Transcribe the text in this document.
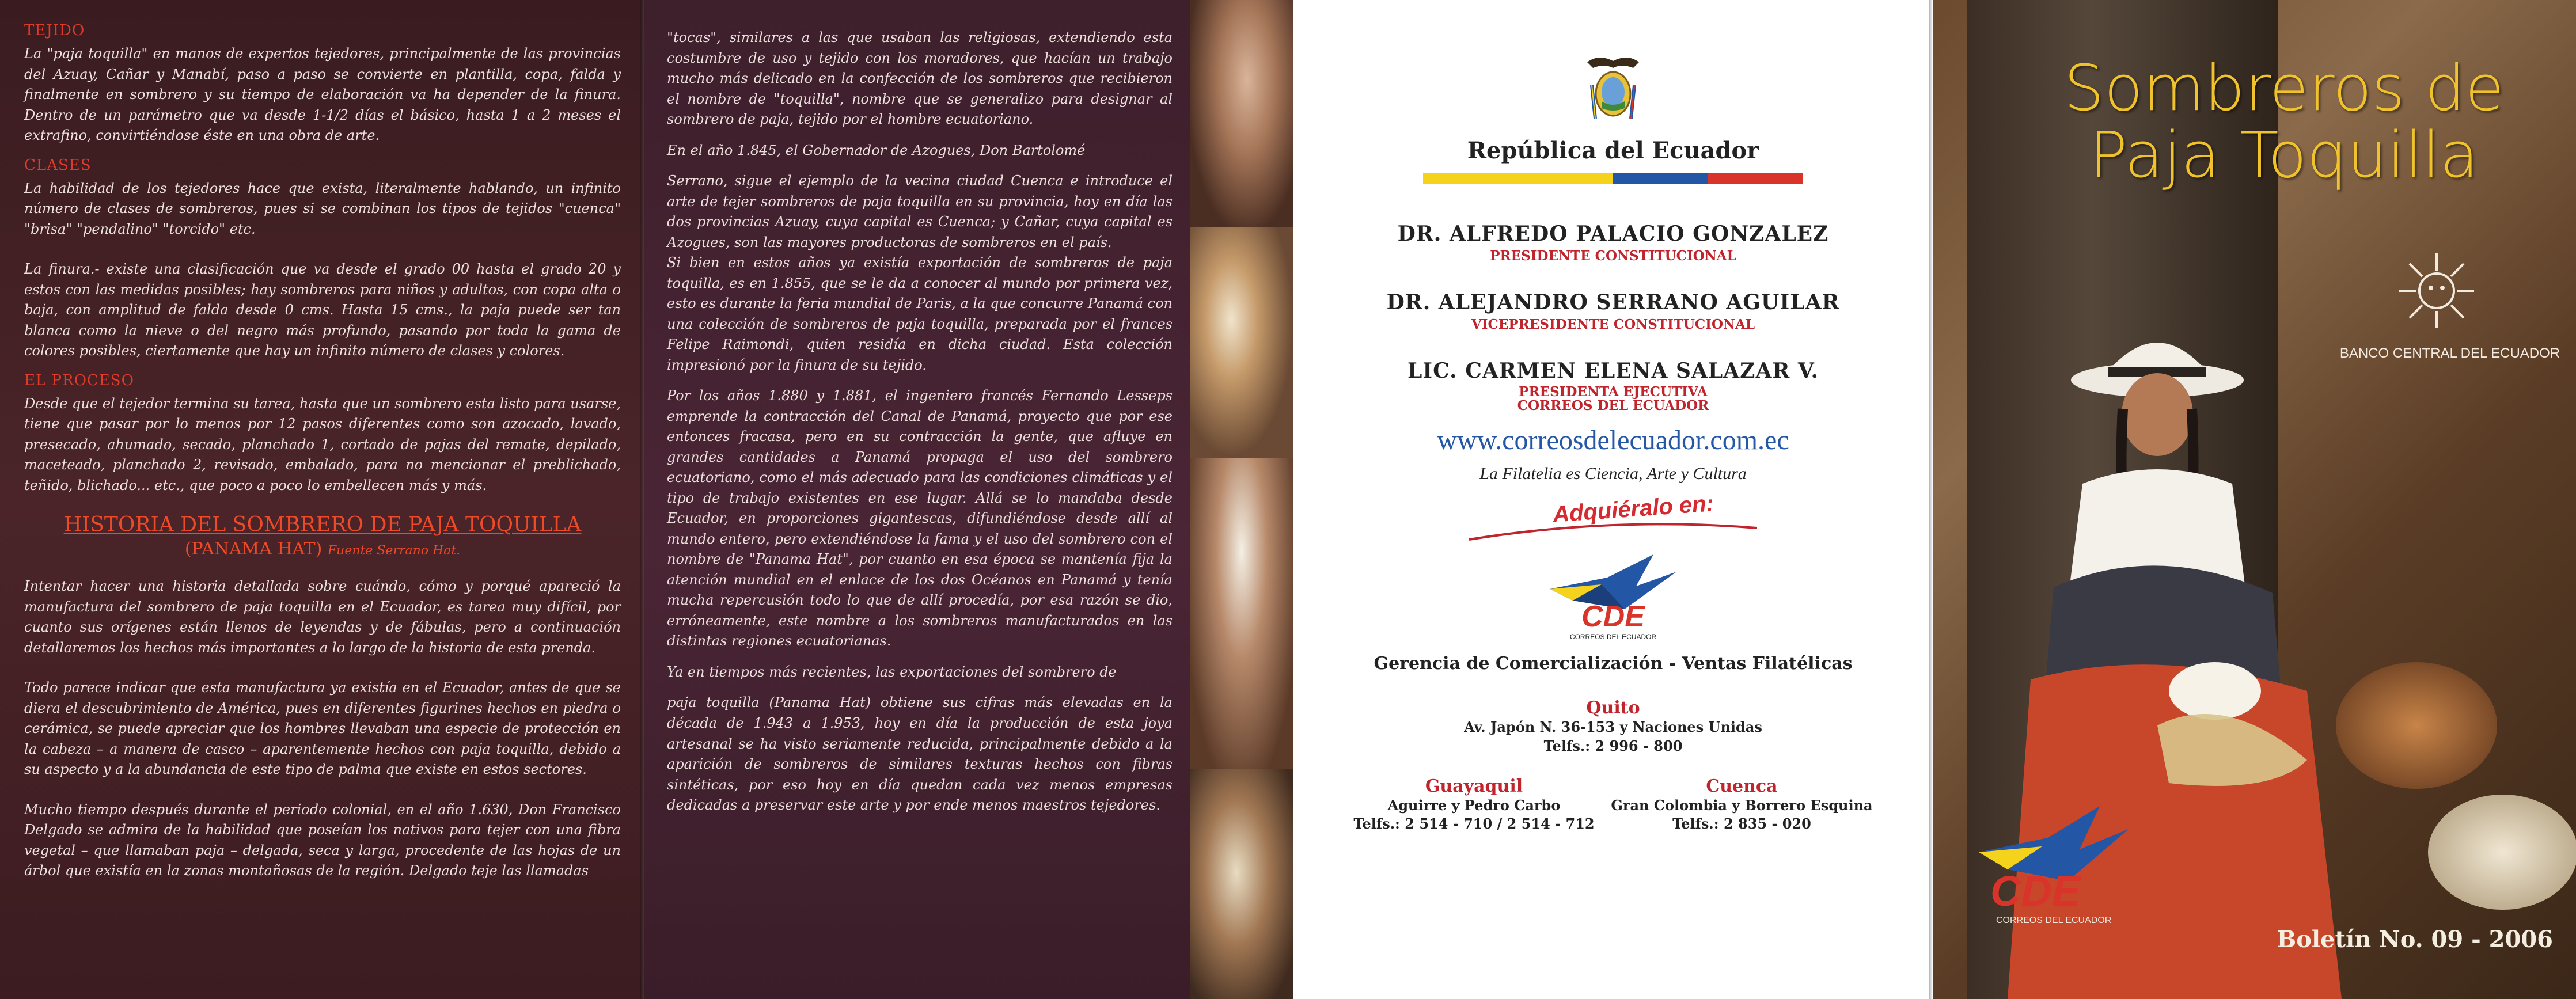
TEJIDO

La "paja toquilla" en manos de expertos tejedores, principalmente de las provincias del Azuay, Cañar y Manabí, paso a paso se convierte en plantilla, copa, falda y finalmente en sombrero y su tiempo de elaboración va ha depender de la finura. Dentro de un parámetro que va desde 1-1/2 días el básico, hasta 1 a 2 meses el extrafino, convirtiéndose éste en una obra de arte.

CLASES

La habilidad de los tejedores hace que exista, literalmente hablando, un infinito número de clases de sombreros, pues si se combinan los tipos de tejidos "cuenca" "brisa" "pendalino" "torcido" etc.

La finura.- existe una clasificación que va desde el grado 00 hasta el grado 20 y estos con las medidas posibles; hay sombreros para niños y adultos, con copa alta o baja, con amplitud de falda desde 0 cms. Hasta 15 cms., la paja puede ser tan blanca como la nieve o del negro más profundo, pasando por toda la gama de colores posibles, ciertamente que hay un infinito número de clases y colores.

EL PROCESO

Desde que el tejedor termina su tarea, hasta que un sombrero esta listo para usarse, tiene que pasar por lo menos por 12 pasos diferentes como son azocado, lavado, presecado, ahumado, secado, planchado 1, cortado de pajas del remate, depilado, maceteado, planchado 2, revisado, embalado, para no mencionar el preblichado, teñido, blichado... etc., que poco a poco lo embellecen más y más.

HISTORIA DEL SOMBRERO DE PAJA TOQUILLA
(PANAMA HAT) Fuente Serrano Hat.

Intentar hacer una historia detallada sobre cuándo, cómo y porqué apareció la manufactura del sombrero de paja toquilla en el Ecuador, es tarea muy difícil, por cuanto sus orígenes están llenos de leyendas y de fábulas, pero a continuación detallaremos los hechos más importantes a lo largo de la historia de esta prenda.

Todo parece indicar que esta manufactura ya existía en el Ecuador, antes de que se diera el descubrimiento de América, pues en diferentes figurines hechos en piedra o cerámica, se puede apreciar que los hombres llevaban una especie de protección en la cabeza – a manera de casco – aparentemente hechos con paja toquilla, debido a su aspecto y a la abundancia de este tipo de palma que existe en estos sectores.

Mucho tiempo después durante el periodo colonial, en el año 1.630, Don Francisco Delgado se admira de la habilidad que poseían los nativos para tejer con una fibra vegetal – que llamaban paja – delgada, seca y larga, procedente de las hojas de un árbol que existía en la zonas montañosas de la región. Delgado teje las llamadas

"tocas", similares a las que usaban las religiosas, extendiendo esta costumbre de uso y tejido con los moradores, que hacían un trabajo mucho más delicado en la confección de los sombreros que recibieron el nombre de "toquilla", nombre que se generalizo para designar al sombrero de paja, tejido por el hombre ecuatoriano.

En el año 1.845, el Gobernador de Azogues, Don Bartolomé

Serrano, sigue el ejemplo de la vecina ciudad Cuenca e introduce el arte de tejer sombreros de paja toquilla en su provincia, hoy en día las dos provincias Azuay, cuya capital es Cuenca; y Cañar, cuya capital es Azogues, son las mayores productoras de sombreros en el país.
Si bien en estos años ya existía exportación de sombreros de paja toquilla, es en 1.855, que se le da a conocer al mundo por primera vez, esto es durante la feria mundial de Paris, a la que concurre Panamá con una colección de sombreros de paja toquilla, preparada por el frances Felipe Raimondi, quien residía en dicha ciudad. Esta colección impresionó por la finura de su tejido.

Por los años 1.880 y 1.881, el ingeniero francés Fernando Lesseps emprende la contracción del Canal de Panamá, proyecto que por ese entonces fracasa, pero en su contracción la gente, que afluye en grandes cantidades a Panamá propaga el uso del sombrero ecuatoriano, como el más adecuado para las condiciones climáticas y el tipo de trabajo existentes en ese lugar. Allá se lo mandaba desde Ecuador, en proporciones gigantescas, difundiéndose desde allí al mundo entero, pero extendiéndose la fama y el uso del sombrero con el nombre de "Panama Hat", por cuanto en esa época se mantenía fija la atención mundial en el enlace de los dos Océanos en Panamá y tenía mucha repercusión todo lo que de allí procedía, por esa razón se dio, erróneamente, este nombre a los sombreros manufacturados en las distintas regiones ecuatorianas.

Ya en tiempos más recientes, las exportaciones del sombrero de

paja toquilla (Panama Hat) obtiene sus cifras más elevadas en la década de 1.943 a 1.953, hoy en día la producción de esta joya artesanal se ha visto seriamente reducida, principalmente debido a la aparición de sombreros de similares texturas hechos con fibras sintéticas, por eso hoy en día quedan cada vez menos empresas dedicadas a preservar este arte y por ende menos maestros tejedores.

República del Ecuador
DR. ALFREDO PALACIO GONZALEZ
PRESIDENTE CONSTITUCIONAL
DR. ALEJANDRO SERRANO AGUILAR
VICEPRESIDENTE CONSTITUCIONAL
LIC. CARMEN ELENA SALAZAR V.
PRESIDENTA EJECUTIVA
CORREOS DEL ECUADOR
www.correosdelecuador.com.ec
La Filatelia es Ciencia, Arte y Cultura
Adquiéralo en:
CDE
CORREOS DEL ECUADOR
Gerencia de Comercialización - Ventas Filatélicas
Quito
Av. Japón N. 36-153 y Naciones Unidas
Telfs.: 2 996 - 800
Guayaquil
Aguirre y Pedro Carbo
Telfs.: 2 514 - 710 / 2 514 - 712
Cuenca
Gran Colombia y Borrero Esquina
Telfs.: 2 835 - 020
Sombreros de
Paja Toquilla
BANCO CENTRAL DEL ECUADOR
CDE
CORREOS DEL ECUADOR
Boletín No. 09 - 2006
